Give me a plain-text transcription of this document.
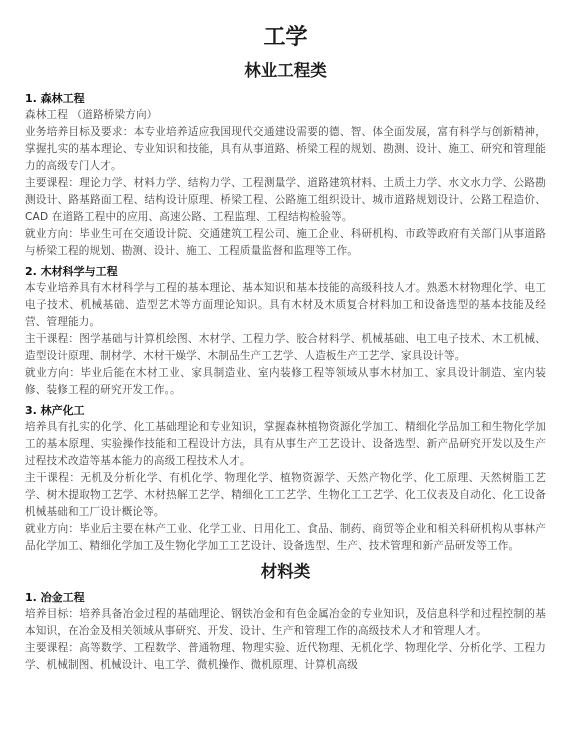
工学
林业工程类
1. 森林工程
森林工程 （道路桥梁方向）
业务培养目标及要求：本专业培养适应我国现代交通建设需要的德、智、体全面发展，富有科学与创新精神，掌握扎实的基本理论、专业知识和技能，具有从事道路、桥梁工程的规划、勘测、设计、施工、研究和管理能力的高级专门人才。
主要课程：理论力学、材料力学、结构力学、工程测量学、道路建筑材料、土质土力学、水文水力学、公路勘测设计、路基路面工程、结构设计原理、桥梁工程、公路施工组织设计、城市道路规划设计、公路工程造价、CAD 在道路工程中的应用、高速公路、工程监理、工程结构检验等。
就业方向：毕业生可在交通设计院、交通建筑工程公司、施工企业、科研机构、市政等政府有关部门从事道路与桥梁工程的规划、勘测、设计、施工、工程质量监督和监理等工作。
2. 木材科学与工程
本专业培养具有木材科学与工程的基本理论、基本知识和基本技能的高级科技人才。熟悉木材物理化学、电工电子技术、机械基础、造型艺术等方面理论知识。具有木材及木质复合材料加工和设备选型的基本技能及经营、管理能力。
主干课程：图学基础与计算机绘图、木材学、工程力学、胶合材料学、机械基础、电工电子技术、木工机械、造型设计原理、制材学、木材干燥学、木制品生产工艺学、人造板生产工艺学、家具设计等。
就业方向：毕业后能在木材工业、家具制造业、室内装修工程等领域从事木材加工、家具设计制造、室内装修、装修工程的研究开发工作。。
3. 林产化工
培养具有扎实的化学、化工基础理论和专业知识，掌握森林植物资源化学加工、精细化学品加工和生物化学加工的基本原理、实验操作技能和工程设计方法，具有从事生产工艺设计、设备选型、新产品研究开发以及生产过程技术改造等基本能力的高级工程技术人才。
主干课程：无机及分析化学、有机化学、物理化学、植物资源学、天然产物化学、化工原理、天然树脂工艺学、树木提取物工艺学、木材热解工艺学、精细化工工艺学、生物化工工艺学、化工仪表及自动化、化工设备机械基础和工厂设计概论等。
就业方向：毕业后主要在林产工业、化学工业、日用化工、食品、制药、商贸等企业和相关科研机构从事林产品化学加工、精细化学加工及生物化学加工工艺设计、设备选型、生产、技术管理和新产品研发等工作。
材料类
1. 冶金工程
培养目标：培养具备冶金过程的基础理论、钢铁冶金和有色金属冶金的专业知识，及信息科学和过程控制的基本知识，在冶金及相关领域从事研究、开发、设计、生产和管理工作的高级技术人才和管理人才。
主要课程：高等数学、工程数学、普通物理、物理实验、近代物理、无机化学、物理化学、分析化学、工程力学、机械制图、机械设计、电工学、微机操作、微机原理、计算机高级
